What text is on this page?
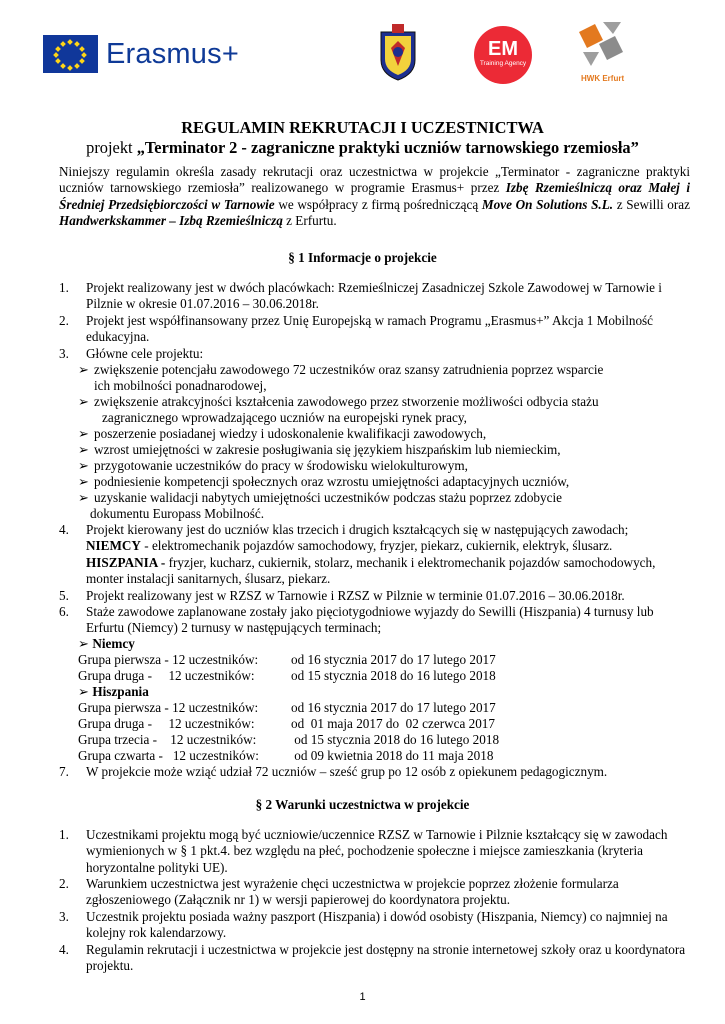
Erasmus+	EM
Training Agency
HWK Erfurt
REGULAMIN REKRUTACJI I UCZESTNICTWA
projekt „Terminator 2 - zagraniczne praktyki uczniów tarnowskiego rzemiosła”
Niniejszy regulamin określa zasady rekrutacji oraz uczestnictwa w projekcie „Terminator - zagraniczne praktyki uczniów tarnowskiego rzemiosła” realizowanego w programie Erasmus+ przez Izbę Rzemieślniczą oraz Małej i Średniej Przedsiębiorczości w Tarnowie we współpracy z firmą pośredniczącą Move On Solutions S.L. z Sewilli oraz Handwerkskammer – Izbą Rzemieślniczą z Erfurtu.
§ 1 Informacje o projekcie
1. Projekt realizowany jest w dwóch placówkach: Rzemieślniczej Zasadniczej Szkole Zawodowej w Tarnowie i
Pilznie w okresie 01.07.2016 – 30.06.2018r.
2. Projekt jest współfinansowany przez Unię Europejską w ramach Programu „Erasmus+” Akcja 1 Mobilność
edukacyjna.
3. Główne cele projektu:
➢ zwiększenie potencjału zawodowego 72 uczestników oraz szansy zatrudnienia poprzez wsparcie
ich mobilności ponadnarodowej,
➢ zwiększenie atrakcyjności kształcenia zawodowego przez stworzenie możliwości odbycia stażu
zagranicznego wprowadzającego uczniów na europejski rynek pracy,
➢ poszerzenie posiadanej wiedzy i udoskonalenie kwalifikacji zawodowych,
➢ wzrost umiejętności w zakresie posługiwania się językiem hiszpańskim lub niemieckim,
➢ przygotowanie uczestników do pracy w środowisku wielokulturowym,
➢ podniesienie kompetencji społecznych oraz wzrostu umiejętności adaptacyjnych uczniów,
➢ uzyskanie walidacji nabytych umiejętności uczestników podczas stażu poprzez zdobycie
dokumentu Europass Mobilność.
4. Projekt kierowany jest do uczniów klas trzecich i drugich kształcących się w następujących zawodach;
NIEMCY - elektromechanik pojazdów samochodowy, fryzjer, piekarz, cukiernik, elektryk, ślusarz.
HISZPANIA - fryzjer, kucharz, cukiernik, stolarz, mechanik i elektromechanik pojazdów samochodowych,
monter instalacji sanitarnych, ślusarz, piekarz.
5. Projekt realizowany jest w RZSZ w Tarnowie i RZSZ w Pilznie w terminie 01.07.2016 – 30.06.2018r.
6. Staże zawodowe zaplanowane zostały jako pięciotygodniowe wyjazdy do Sewilli (Hiszpania) 4 turnusy lub
Erfurtu (Niemcy) 2 turnusy w następujących terminach;
➢ Niemcy
Grupa pierwsza - 12 uczestników: od 16 stycznia 2017 do 17 lutego 2017
Grupa druga -     12 uczestników:	od 15 stycznia 2018 do 16 lutego 2018
➢ Hiszpania
Grupa pierwsza - 12 uczestników: od 16 stycznia 2017 do 17 lutego 2017
Grupa druga -     12 uczestników:	od  01 maja 2017 do  02 czerwca 2017
Grupa trzecia -    12 uczestników:	od 15 stycznia 2018 do 16 lutego 2018
Grupa czwarta -   12 uczestników: od 09 kwietnia 2018 do 11 maja 2018
7. W projekcie może wziąć udział 72 uczniów – sześć grup po 12 osób z opiekunem pedagogicznym.
§ 2 Warunki uczestnictwa w projekcie
1. Uczestnikami projektu mogą być uczniowie/uczennice RZSZ w Tarnowie i Pilznie kształcący się w zawodach
wymienionych w § 1 pkt.4. bez względu na płeć, pochodzenie społeczne i miejsce zamieszkania (kryteria
horyzontalne polityki UE).
2. Warunkiem uczestnictwa jest wyrażenie chęci uczestnictwa w projekcie poprzez złożenie formularza
zgłoszeniowego (Załącznik nr 1) w wersji papierowej do koordynatora projektu.
3. Uczestnik projektu posiada ważny paszport (Hiszpania) i dowód osobisty (Hiszpania, Niemcy) co najmniej na
kolejny rok kalendarzowy.
4. Regulamin rekrutacji i uczestnictwa w projekcie jest dostępny na stronie internetowej szkoły oraz u koordynatora
projektu.
1
